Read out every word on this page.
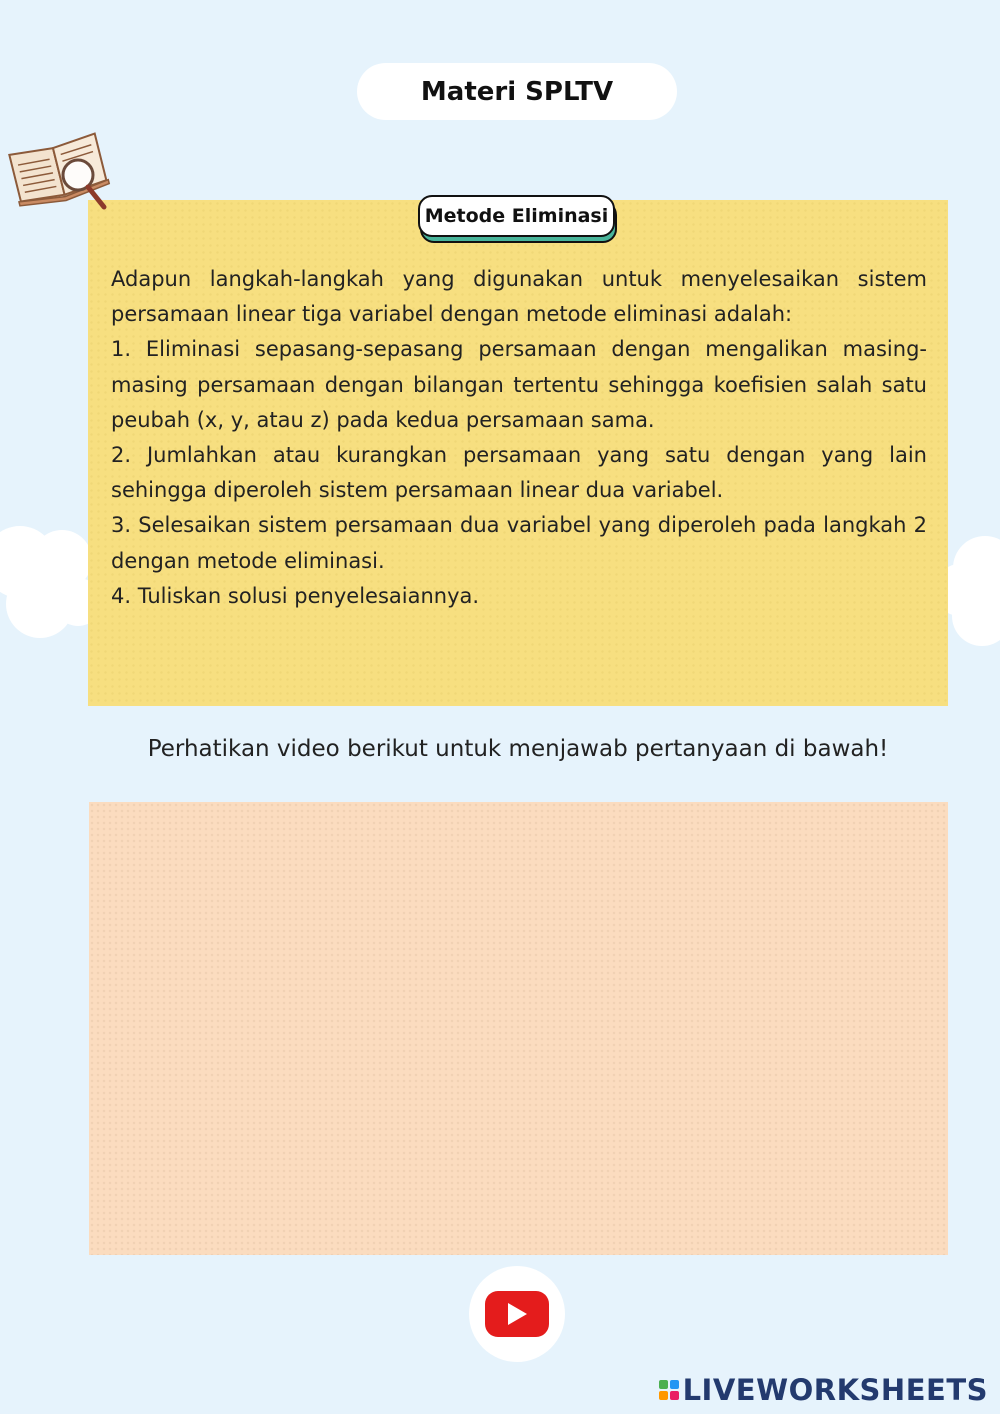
Materi SPLTV
Metode Eliminasi

Adapun langkah-langkah yang digunakan untuk menyelesaikan sistem persamaan linear tiga variabel dengan metode eliminasi adalah:

1. Eliminasi sepasang-sepasang persamaan dengan mengalikan masing-masing persamaan dengan bilangan tertentu sehingga koefisien salah satu peubah (x, y, atau z) pada kedua persamaan sama.

2. Jumlahkan atau kurangkan persamaan yang satu dengan yang lain sehingga diperoleh sistem persamaan linear dua variabel.

3. Selesaikan sistem persamaan dua variabel yang diperoleh pada langkah 2 dengan metode eliminasi.

4. Tuliskan solusi penyelesaiannya.

Perhatikan video berikut untuk menjawab pertanyaan di bawah!
LIVEWORKSHEETS
